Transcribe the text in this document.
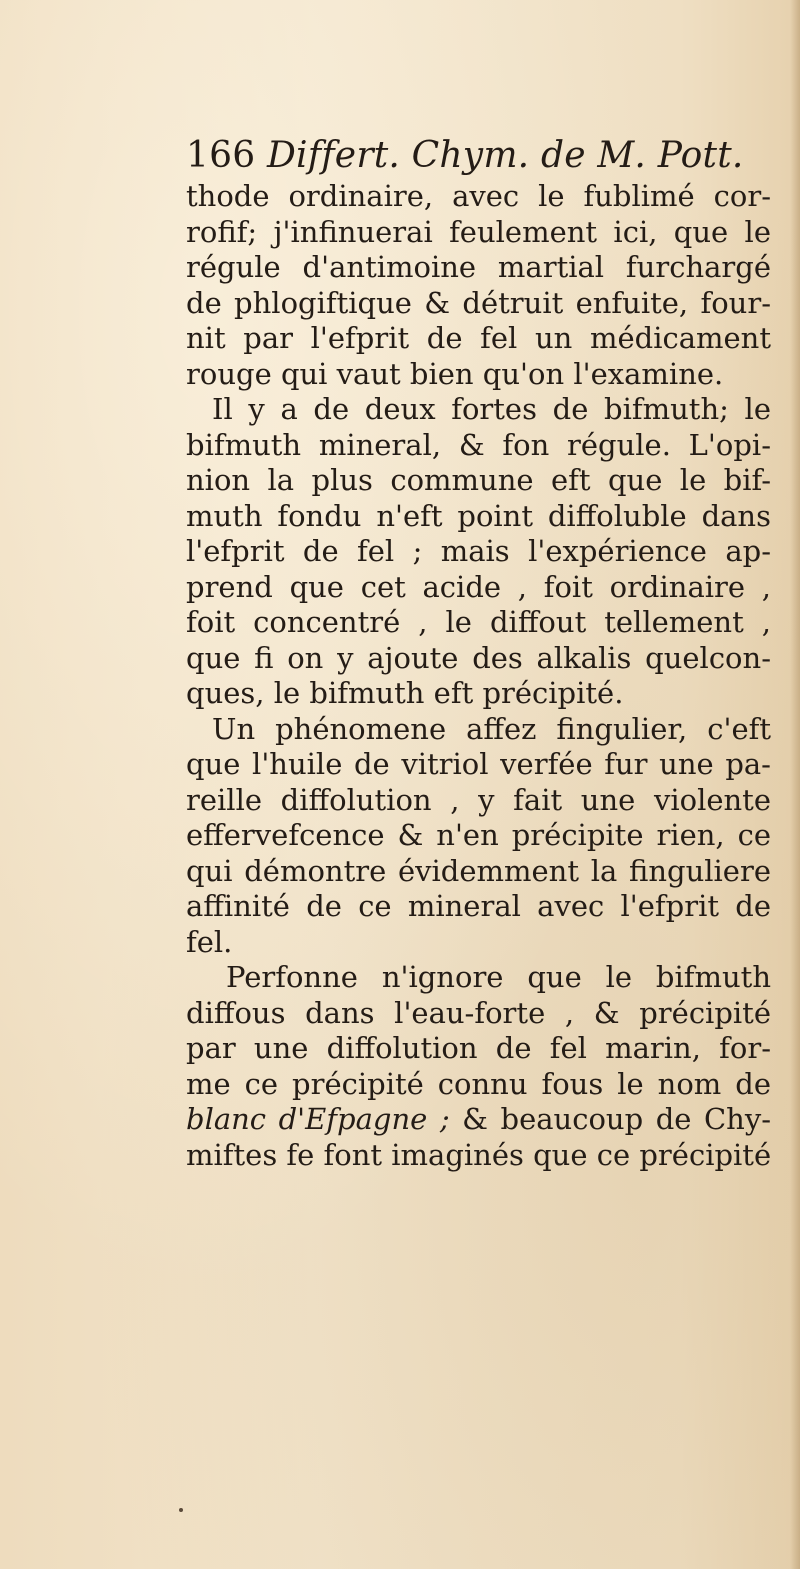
166 Differt. Chym. de M. Pott.
thode ordinaire, avec le fublimé cor-
rofif; j'infinuerai feulement ici, que le
régule d'antimoine martial furchargé
de phlogiftique & détruit enfuite, four-
nit par l'efprit de fel un médicament
rouge qui vaut bien qu'on l'examine.
Il y a de deux fortes de bifmuth; le
bifmuth mineral, & fon régule. L'opi-
nion la plus commune eft que le bif-
muth fondu n'eft point diffoluble dans
l'efprit de fel ; mais l'expérience ap-
prend que cet acide , foit ordinaire ,
foit concentré , le diffout tellement ,
que fi on y ajoute des alkalis quelcon-
ques, le bifmuth eft précipité.
Un phénomene affez fingulier, c'eft
que l'huile de vitriol verfée fur une pa-
reille diffolution , y fait une violente
effervefcence & n'en précipite rien, ce
qui démontre évidemment la finguliere
affinité de ce mineral avec l'efprit de
fel.
Perfonne n'ignore que le bifmuth
diffous dans l'eau-forte , & précipité
par une diffolution de fel marin, for-
me ce précipité connu fous le nom de
blanc d'Efpagne ; & beaucoup de Chy-
miftes fe font imaginés que ce précipité
